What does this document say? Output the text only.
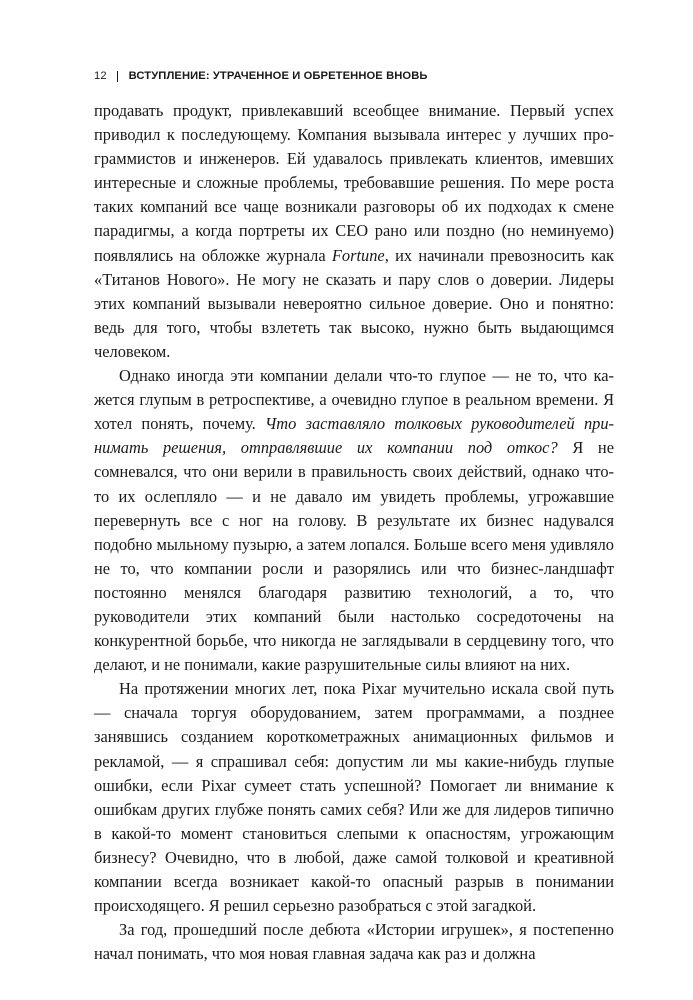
12 ВСТУПЛЕНИЕ: УТРАЧЕННОЕ И ОБРЕТЕННОЕ ВНОВЬ

продавать продукт, привлекавший всеобщее внимание. Первый успех приводил к последующему. Компания вызывала интерес у лучших программистов и инженеров. Ей удавалось привлекать клиентов, имевших интересные и сложные проблемы, требовавшие решения. По мере роста таких компаний все чаще возникали разговоры об их подходах к смене парадигмы, а когда портреты их CEO рано или поздно (но неминуемо) появлялись на обложке журнала Fortune, их начинали превозносить как «Титанов Нового». Не могу не сказать и пару слов о доверии. Лидеры этих компаний вызывали невероятно сильное доверие. Оно и понятно: ведь для того, чтобы взлететь так высоко, нужно быть выдающимся человеком.

Однако иногда эти компании делали что-то глупое — не то, что кажется глупым в ретроспективе, а очевидно глупое в реальном времени. Я хотел понять, почему. Что заставляло толковых руководителей принимать решения, отправлявшие их компании под откос? Я не сомневался, что они верили в правильность своих действий, однако что-то их ослепляло — и не давало им увидеть проблемы, угрожавшие перевернуть все с ног на голову. В результате их бизнес надувался подобно мыльному пузырю, а затем лопался. Больше всего меня удивляло не то, что компании росли и разорялись или что бизнес-ландшафт постоянно менялся благодаря развитию технологий, а то, что руководители этих компаний были настолько сосредоточены на конкурентной борьбе, что никогда не заглядывали в сердцевину того, что делают, и не понимали, какие разрушительные силы влияют на них.

На протяжении многих лет, пока Pixar мучительно искала свой путь — сначала торгуя оборудованием, затем программами, а позднее занявшись созданием короткометражных анимационных фильмов и рекламой, — я спрашивал себя: допустим ли мы какие-нибудь глупые ошибки, если Pixar сумеет стать успешной? Помогает ли внимание к ошибкам других глубже понять самих себя? Или же для лидеров типично в какой-то момент становиться слепыми к опасностям, угрожающим бизнесу? Очевидно, что в любой, даже самой толковой и креативной компании всегда возникает какой-то опасный разрыв в понимании происходящего. Я решил серьезно разобраться с этой загадкой.

За год, прошедший после дебюта «Истории игрушек», я постепенно начал понимать, что моя новая главная задача как раз и должна
